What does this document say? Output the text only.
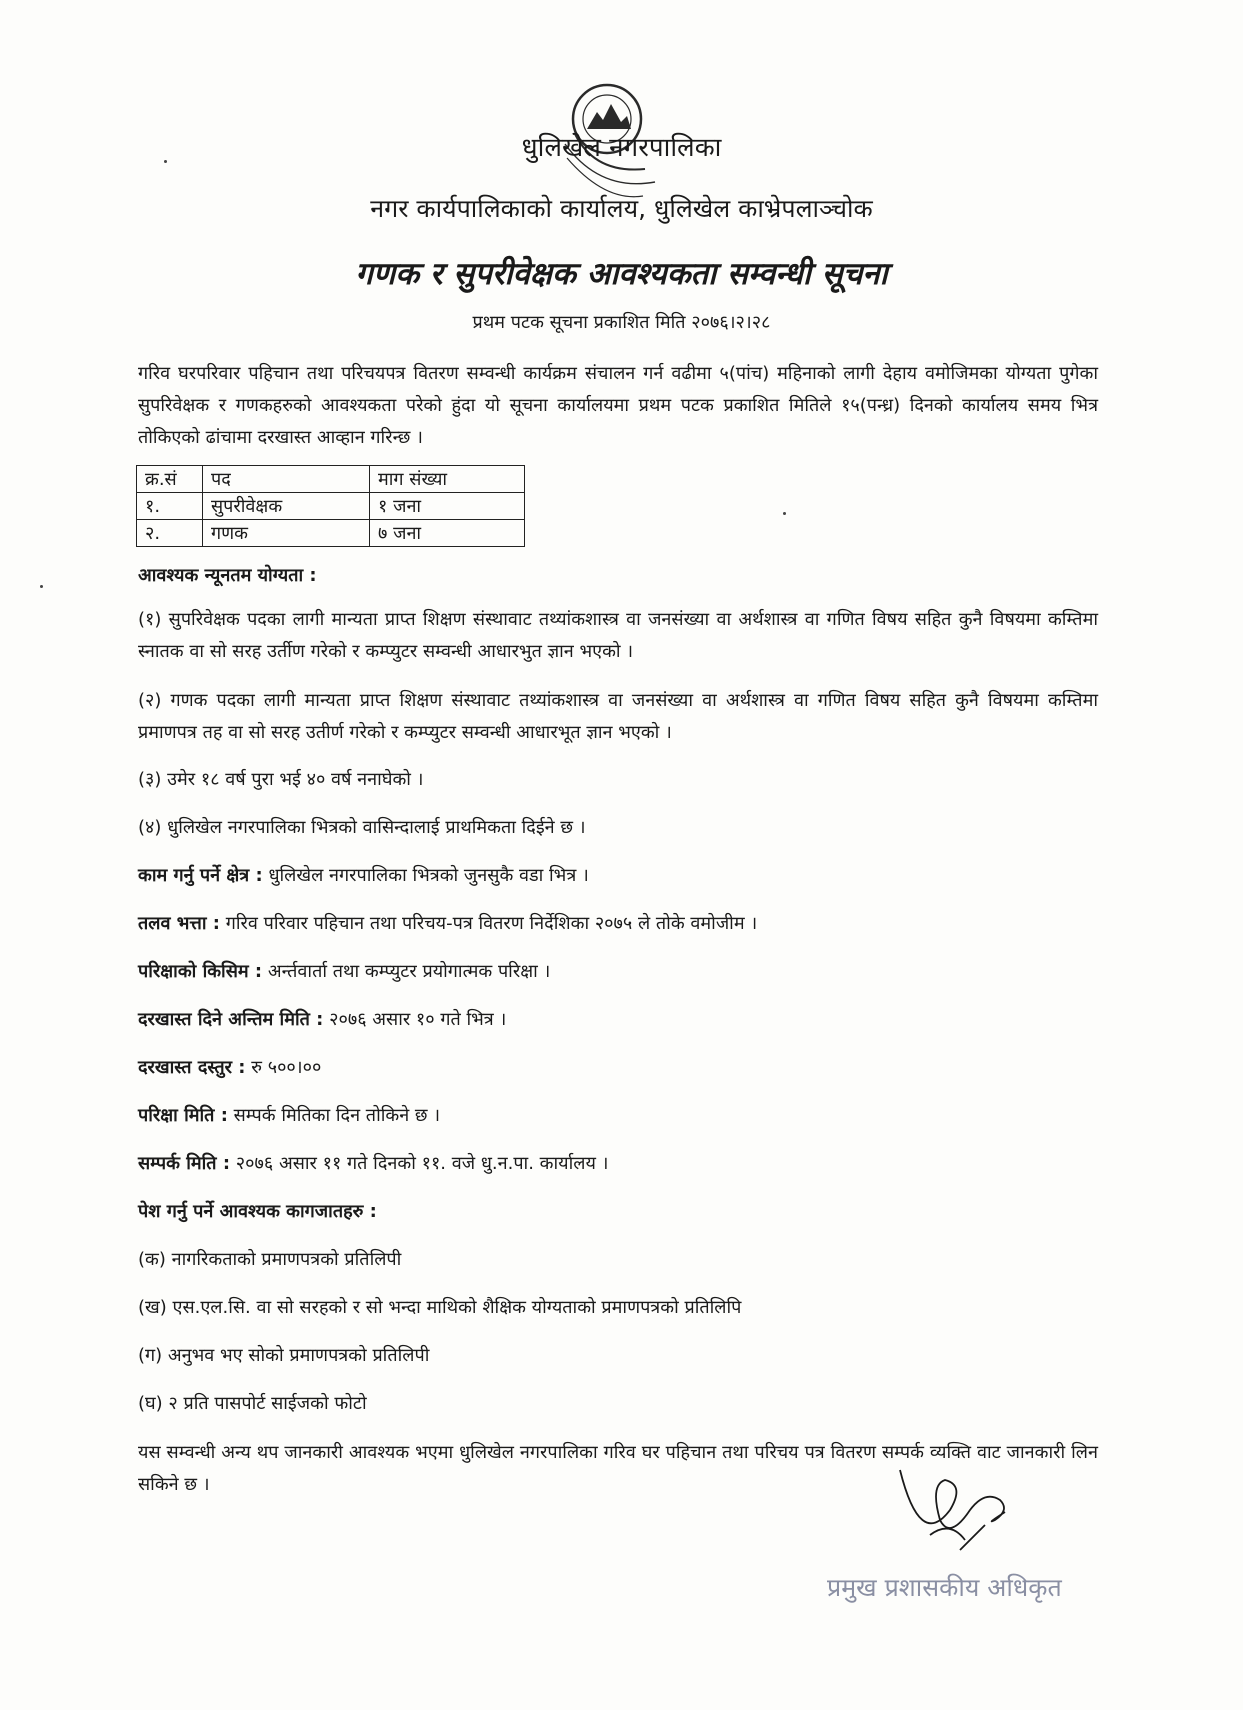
धुलिखेल नगरपालिका
नगर कार्यपालिकाको कार्यालय, धुलिखेल काभ्रेपलाञ्चोक
गणक र सुपरीवेक्षक आवश्यकता सम्वन्धी सूचना
प्रथम पटक सूचना प्रकाशित मिति २०७६।२।२८
गरिव घरपरिवार पहिचान तथा परिचयपत्र वितरण सम्वन्धी कार्यक्रम संचालन गर्न वढीमा ५(पांच) महिनाको लागी देहाय वमोजिमका योग्यता पुगेका सुपरिवेक्षक र गणकहरुको आवश्यकता परेको हुंदा यो सूचना कार्यालयमा प्रथम पटक प्रकाशित मितिले १५(पन्ध्र) दिनको कार्यालय समय भित्र तोकिएको ढांचामा दरखास्त आव्हान गरिन्छ ।
क्र.सं	पद	माग संख्या
१.	सुपरीवेक्षक	१ जना
२.	गणक	७ जना
आवश्यक न्यूनतम योग्यता :
(१) सुपरिवेक्षक पदका लागी मान्यता प्राप्त शिक्षण संस्थावाट तथ्यांकशास्त्र वा जनसंख्या वा अर्थशास्त्र वा गणित विषय सहित कुनै विषयमा कम्तिमा स्नातक वा सो सरह उर्तीण गरेको र कम्प्युटर सम्वन्धी आधारभुत ज्ञान भएको ।
(२) गणक पदका लागी मान्यता प्राप्त शिक्षण संस्थावाट तथ्यांकशास्त्र वा जनसंख्या वा अर्थशास्त्र वा गणित विषय सहित कुनै विषयमा कम्तिमा प्रमाणपत्र तह वा सो सरह उतीर्ण गरेको र कम्प्युटर सम्वन्धी आधारभूत ज्ञान भएको ।
(३) उमेर १८ वर्ष पुरा भई ४० वर्ष ननाघेको ।
(४) धुलिखेल नगरपालिका भित्रको वासिन्दालाई प्राथमिकता दिईने छ ।
काम गर्नु पर्ने क्षेत्र : धुलिखेल नगरपालिका भित्रको जुनसुकै वडा भित्र ।
तलव भत्ता : गरिव परिवार पहिचान तथा परिचय-पत्र वितरण निर्देशिका २०७५ ले तोके वमोजीम ।
परिक्षाको किसिम : अर्न्तवार्ता तथा कम्प्युटर प्रयोगात्मक परिक्षा ।
दरखास्त दिने अन्तिम मिति : २०७६ असार १० गते भित्र ।
दरखास्त दस्तुर : रु ५००।००
परिक्षा मिति : सम्पर्क मितिका दिन तोकिने छ ।
सम्पर्क मिति : २०७६ असार ११ गते दिनको ११. वजे धु.न.पा. कार्यालय ।
पेश गर्नु पर्ने आवश्यक कागजातहरु :
(क) नागरिकताको प्रमाणपत्रको प्रतिलिपी
(ख) एस.एल.सि. वा सो सरहको र सो भन्दा माथिको शैक्षिक योग्यताको प्रमाणपत्रको प्रतिलिपि
(ग) अनुभव भए सोको प्रमाणपत्रको प्रतिलिपी
(घ) २ प्रति पासपोर्ट साईजको फोटो
यस सम्वन्धी अन्य थप जानकारी आवश्यक भएमा धुलिखेल नगरपालिका गरिव घर पहिचान तथा परिचय पत्र वितरण सम्पर्क व्यक्ति वाट जानकारी लिन सकिने छ ।
प्रमुख प्रशासकीय अधिकृत
